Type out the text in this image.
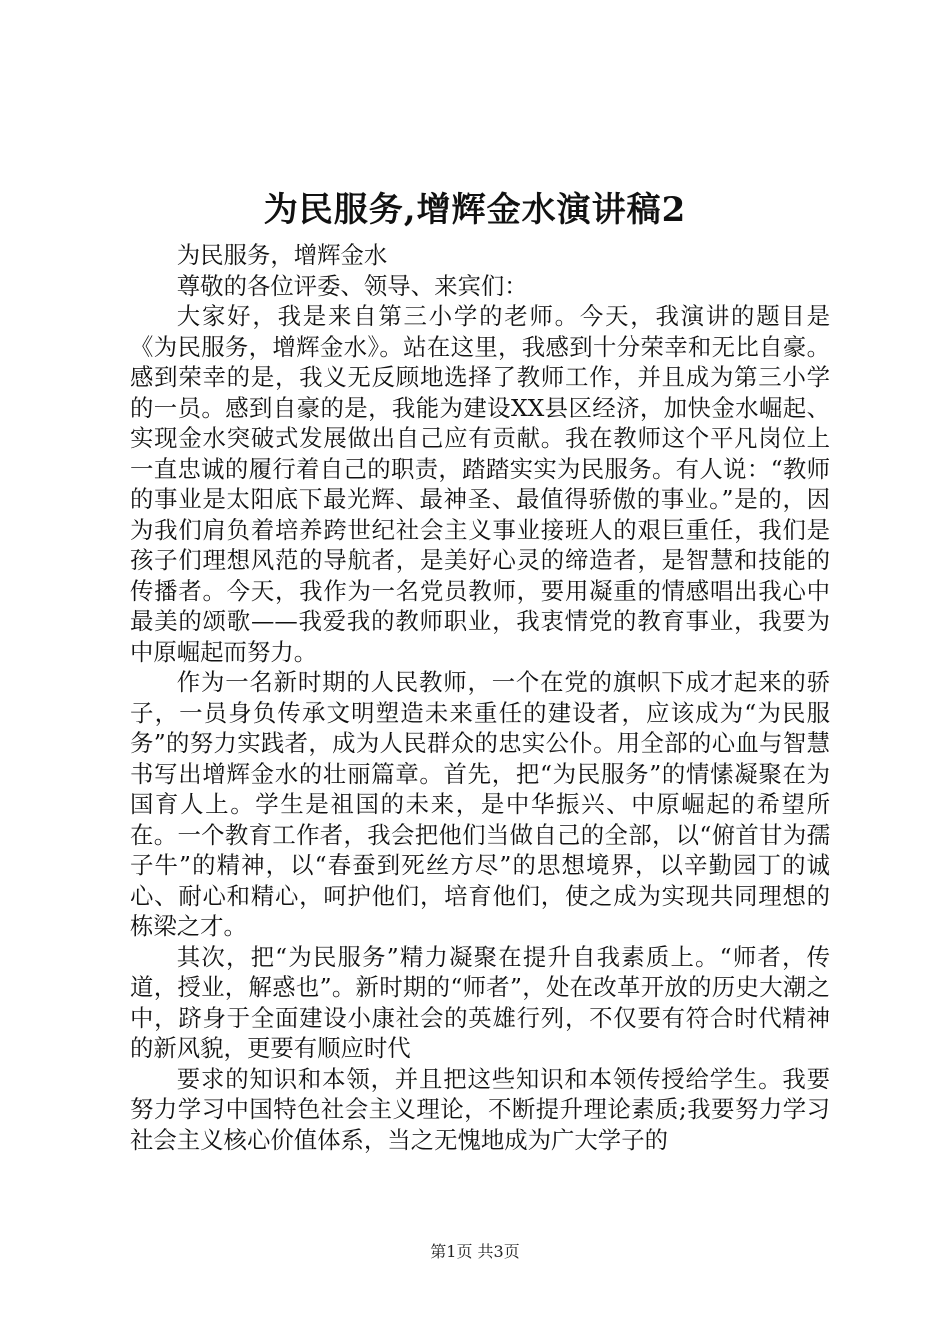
为民服务,增辉金水演讲稿2

为民服务，增辉金水

尊敬的各位评委、领导、来宾们：

大家好，我是来自第三小学的老师。今天，我演讲的题目是《为民服务，增辉金水》。站在这里，我感到十分荣幸和无比自豪。感到荣幸的是，我义无反顾地选择了教师工作，并且成为第三小学的一员。感到自豪的是，我能为建设XX县区经济，加快金水崛起、实现金水突破式发展做出自己应有贡献。我在教师这个平凡岗位上一直忠诚的履行着自己的职责，踏踏实实为民服务。有人说：“教师的事业是太阳底下最光辉、最神圣、最值得骄傲的事业。”是的，因为我们肩负着培养跨世纪社会主义事业接班人的艰巨重任，我们是孩子们理想风范的导航者，是美好心灵的缔造者，是智慧和技能的传播者。今天，我作为一名党员教师，要用凝重的情感唱出我心中最美的颂歌——我爱我的教师职业，我衷情党的教育事业，我要为中原崛起而努力。

作为一名新时期的人民教师，一个在党的旗帜下成才起来的骄子，一员身负传承文明塑造未来重任的建设者，应该成为“为民服务”的努力实践者，成为人民群众的忠实公仆。用全部的心血与智慧书写出增辉金水的壮丽篇章。首先，把“为民服务”的情愫凝聚在为国育人上。学生是祖国的未来，是中华振兴、中原崛起的希望所在。一个教育工作者，我会把他们当做自己的全部，以“俯首甘为孺子牛”的精神，以“春蚕到死丝方尽”的思想境界，以辛勤园丁的诚心、耐心和精心，呵护他们，培育他们，使之成为实现共同理想的栋梁之才。

其次，把“为民服务”精力凝聚在提升自我素质上。“师者，传道，授业，解惑也”。新时期的“师者”，处在改革开放的历史大潮之中，跻身于全面建设小康社会的英雄行列，不仅要有符合时代精神的新风貌，更要有顺应时代

要求的知识和本领，并且把这些知识和本领传授给学生。我要努力学习中国特色社会主义理论，不断提升理论素质;我要努力学习社会主义核心价值体系，当之无愧地成为广大学子的

第1页 共3页
